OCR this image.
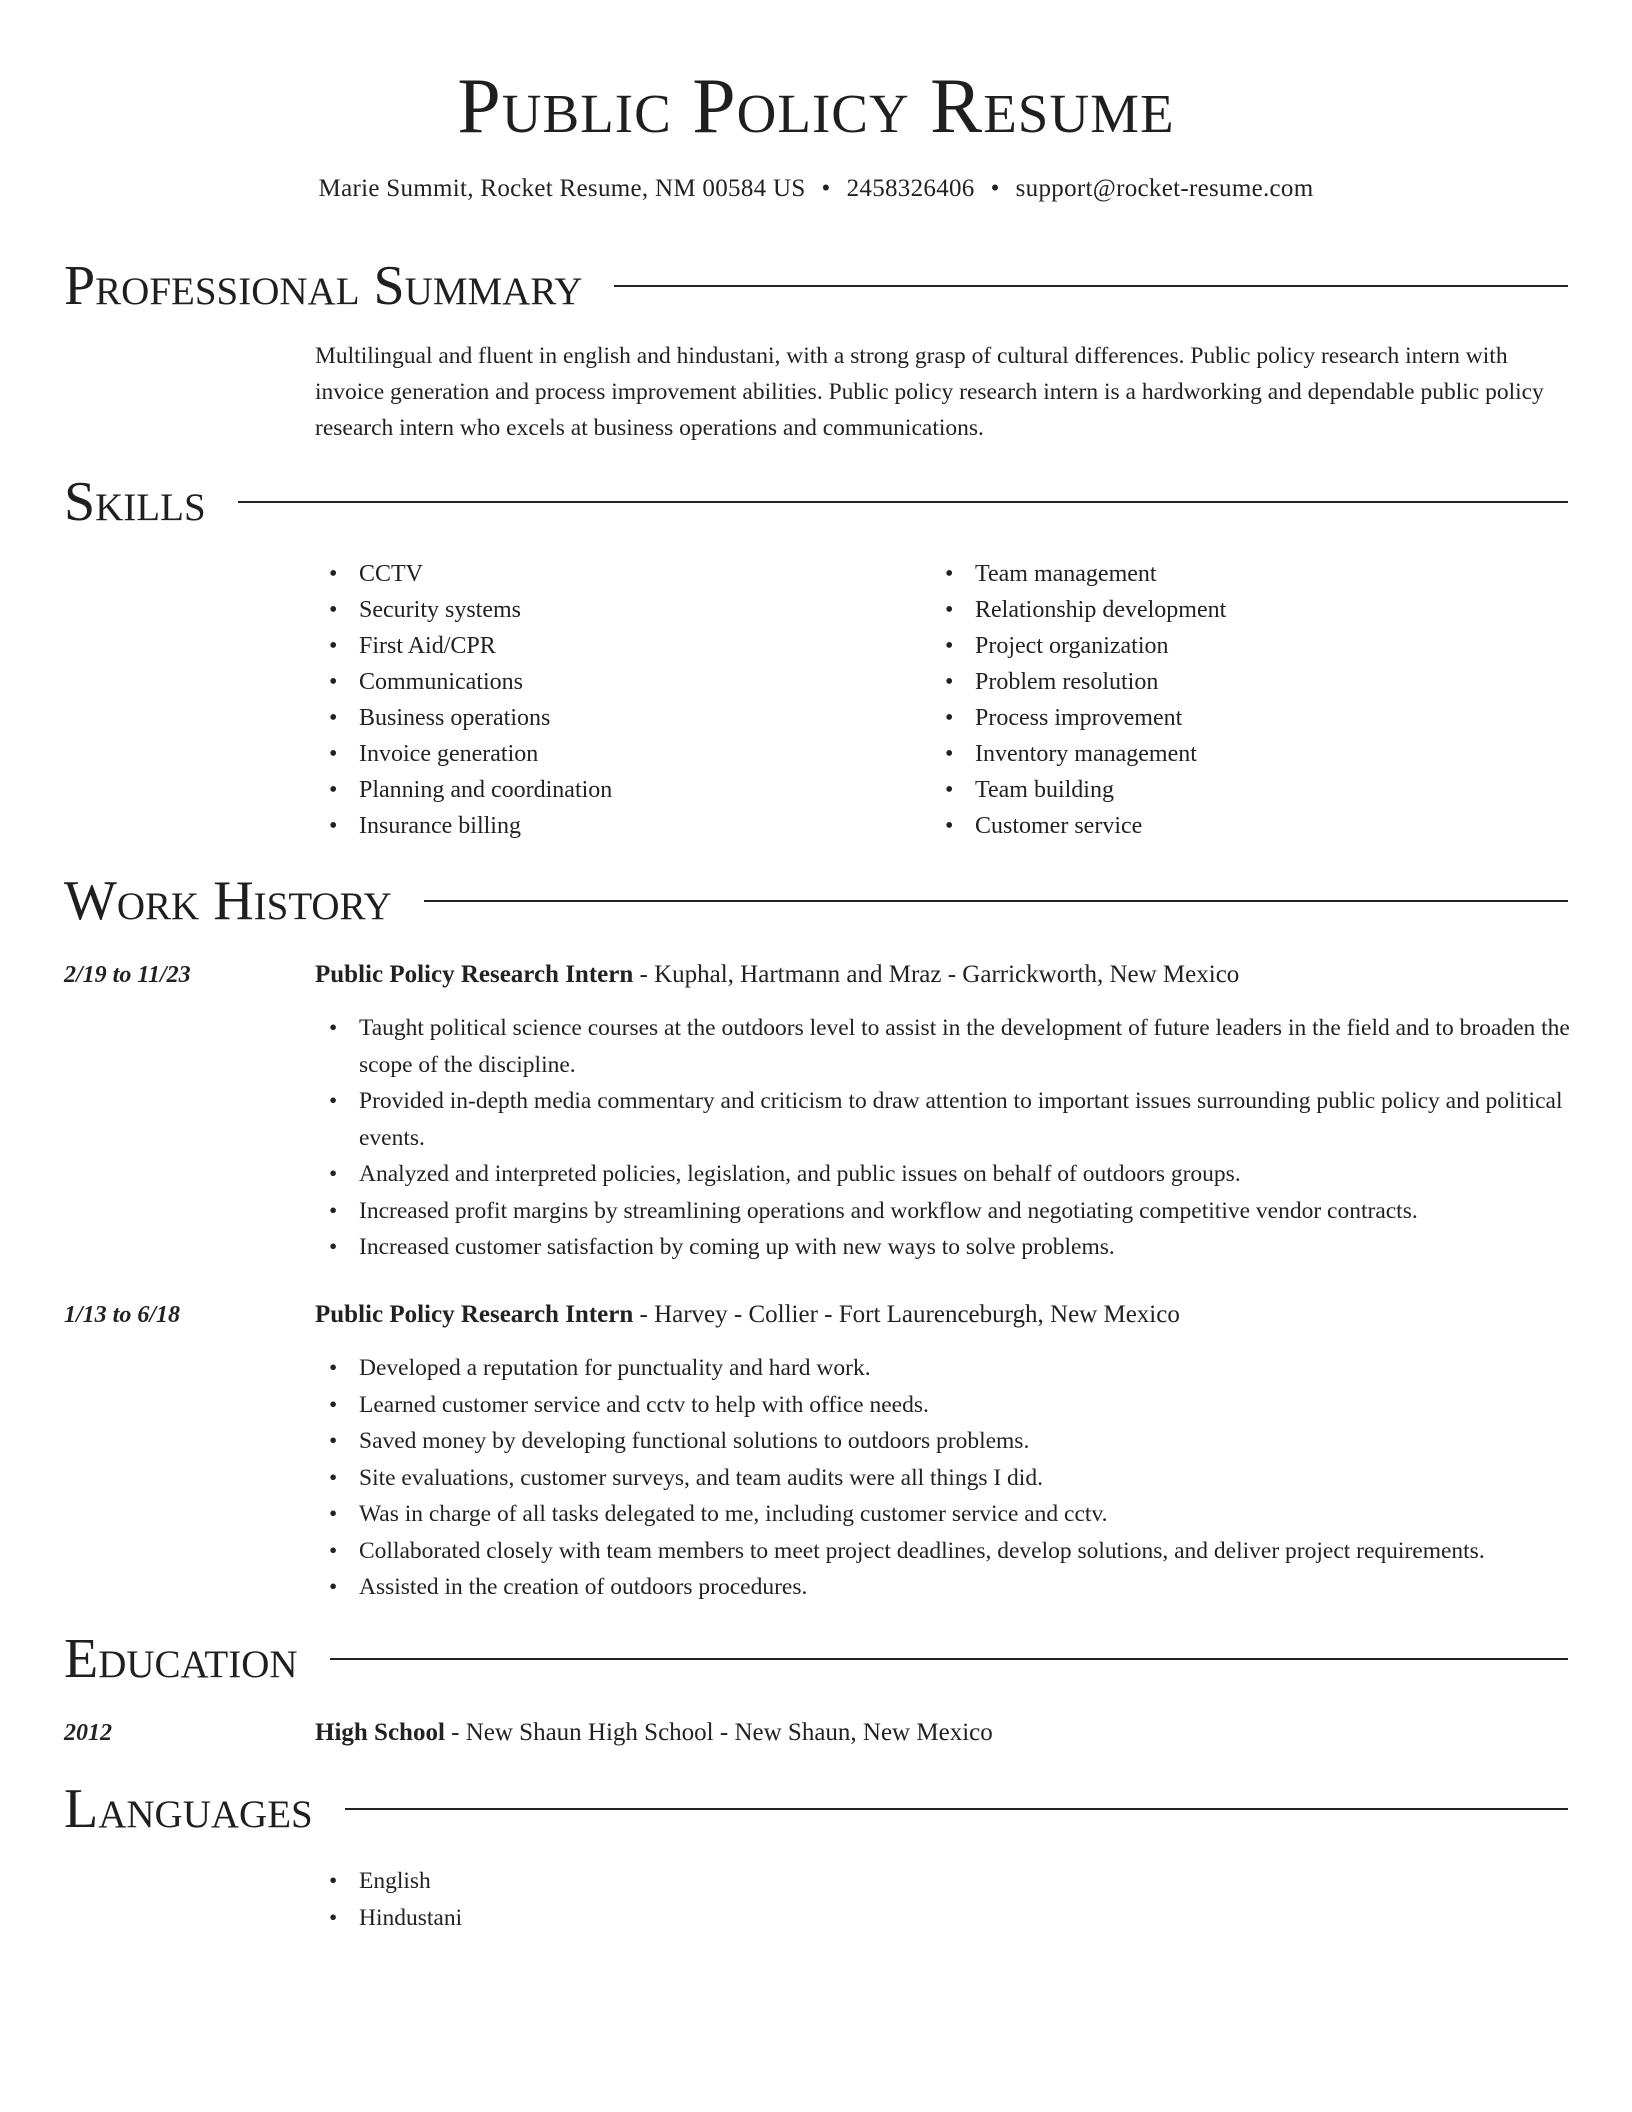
Public Policy Resume
Marie Summit, Rocket Resume, NM 00584 US • 2458326406 • support@rocket-resume.com
Professional Summary
Multilingual and fluent in english and hindustani, with a strong grasp of cultural differences. Public policy research intern with invoice generation and process improvement abilities. Public policy research intern is a hardworking and dependable public policy research intern who excels at business operations and communications.
Skills
• CCTV
• Security systems
• First Aid/CPR
• Communications
• Business operations
• Invoice generation
• Planning and coordination
• Insurance billing
• Team management
• Relationship development
• Project organization
• Problem resolution
• Process improvement
• Inventory management
• Team building
• Customer service
Work History
2/19 to 11/23	Public Policy Research Intern - Kuphal, Hartmann and Mraz - Garrickworth, New Mexico
• Taught political science courses at the outdoors level to assist in the development of future leaders in the field and to broaden the scope of the discipline.
• Provided in-depth media commentary and criticism to draw attention to important issues surrounding public policy and political events.
• Analyzed and interpreted policies, legislation, and public issues on behalf of outdoors groups.
• Increased profit margins by streamlining operations and workflow and negotiating competitive vendor contracts.
• Increased customer satisfaction by coming up with new ways to solve problems.
1/13 to 6/18	Public Policy Research Intern - Harvey - Collier - Fort Laurenceburgh, New Mexico
• Developed a reputation for punctuality and hard work.
• Learned customer service and cctv to help with office needs.
• Saved money by developing functional solutions to outdoors problems.
• Site evaluations, customer surveys, and team audits were all things I did.
• Was in charge of all tasks delegated to me, including customer service and cctv.
• Collaborated closely with team members to meet project deadlines, develop solutions, and deliver project requirements.
• Assisted in the creation of outdoors procedures.
Education
2012	High School - New Shaun High School - New Shaun, New Mexico
Languages
• English
• Hindustani
